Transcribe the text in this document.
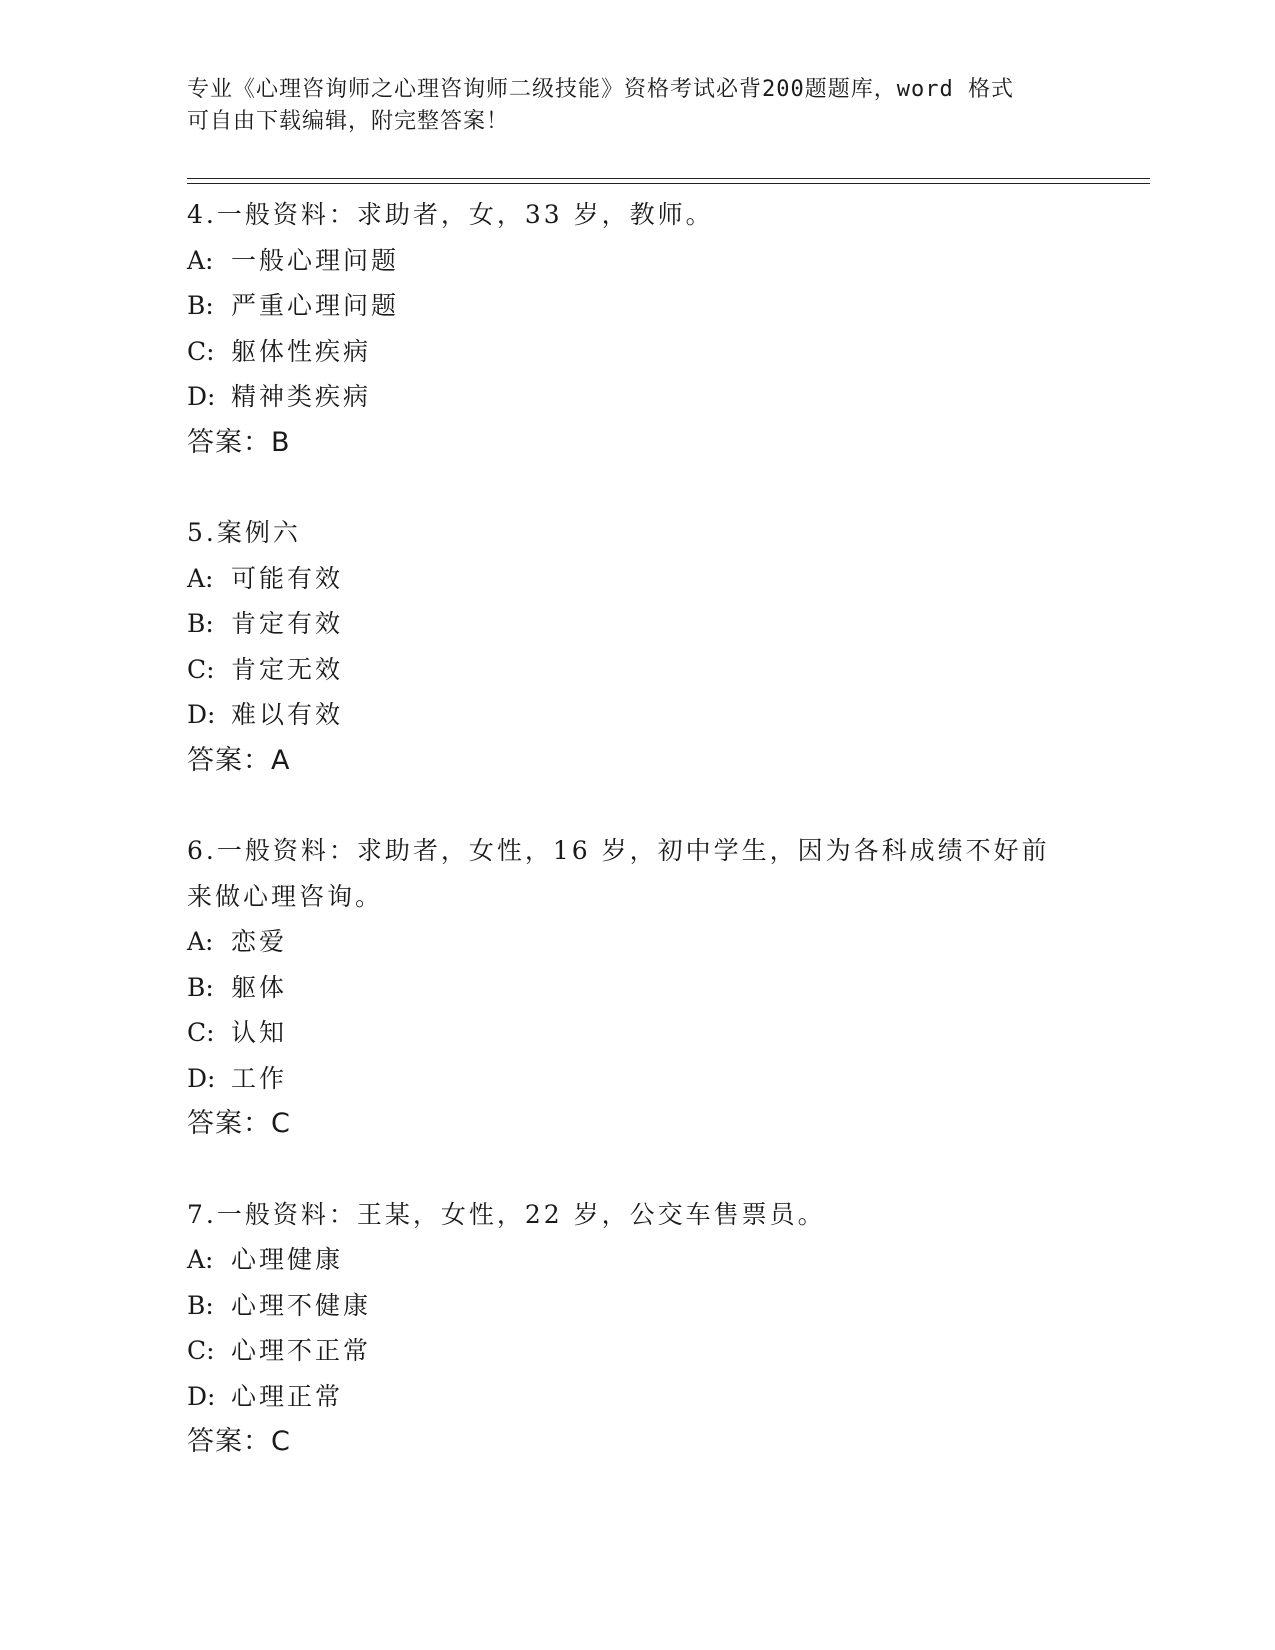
专业《心理咨询师之心理咨询师二级技能》资格考试必背200题题库，word 格式
可自由下载编辑，附完整答案！
4.一般资料：求助者，女，33 岁，教师。
A: 一般心理问题
B: 严重心理问题
C: 躯体性疾病
D: 精神类疾病
答案：B
5.案例六
A: 可能有效
B: 肯定有效
C: 肯定无效
D: 难以有效
答案：A
6.一般资料：求助者，女性，16 岁，初中学生，因为各科成绩不好前
来做心理咨询。
A: 恋爱
B: 躯体
C: 认知
D: 工作
答案：C
7.一般资料：王某，女性，22 岁，公交车售票员。
A: 心理健康
B: 心理不健康
C: 心理不正常
D: 心理正常
答案：C
